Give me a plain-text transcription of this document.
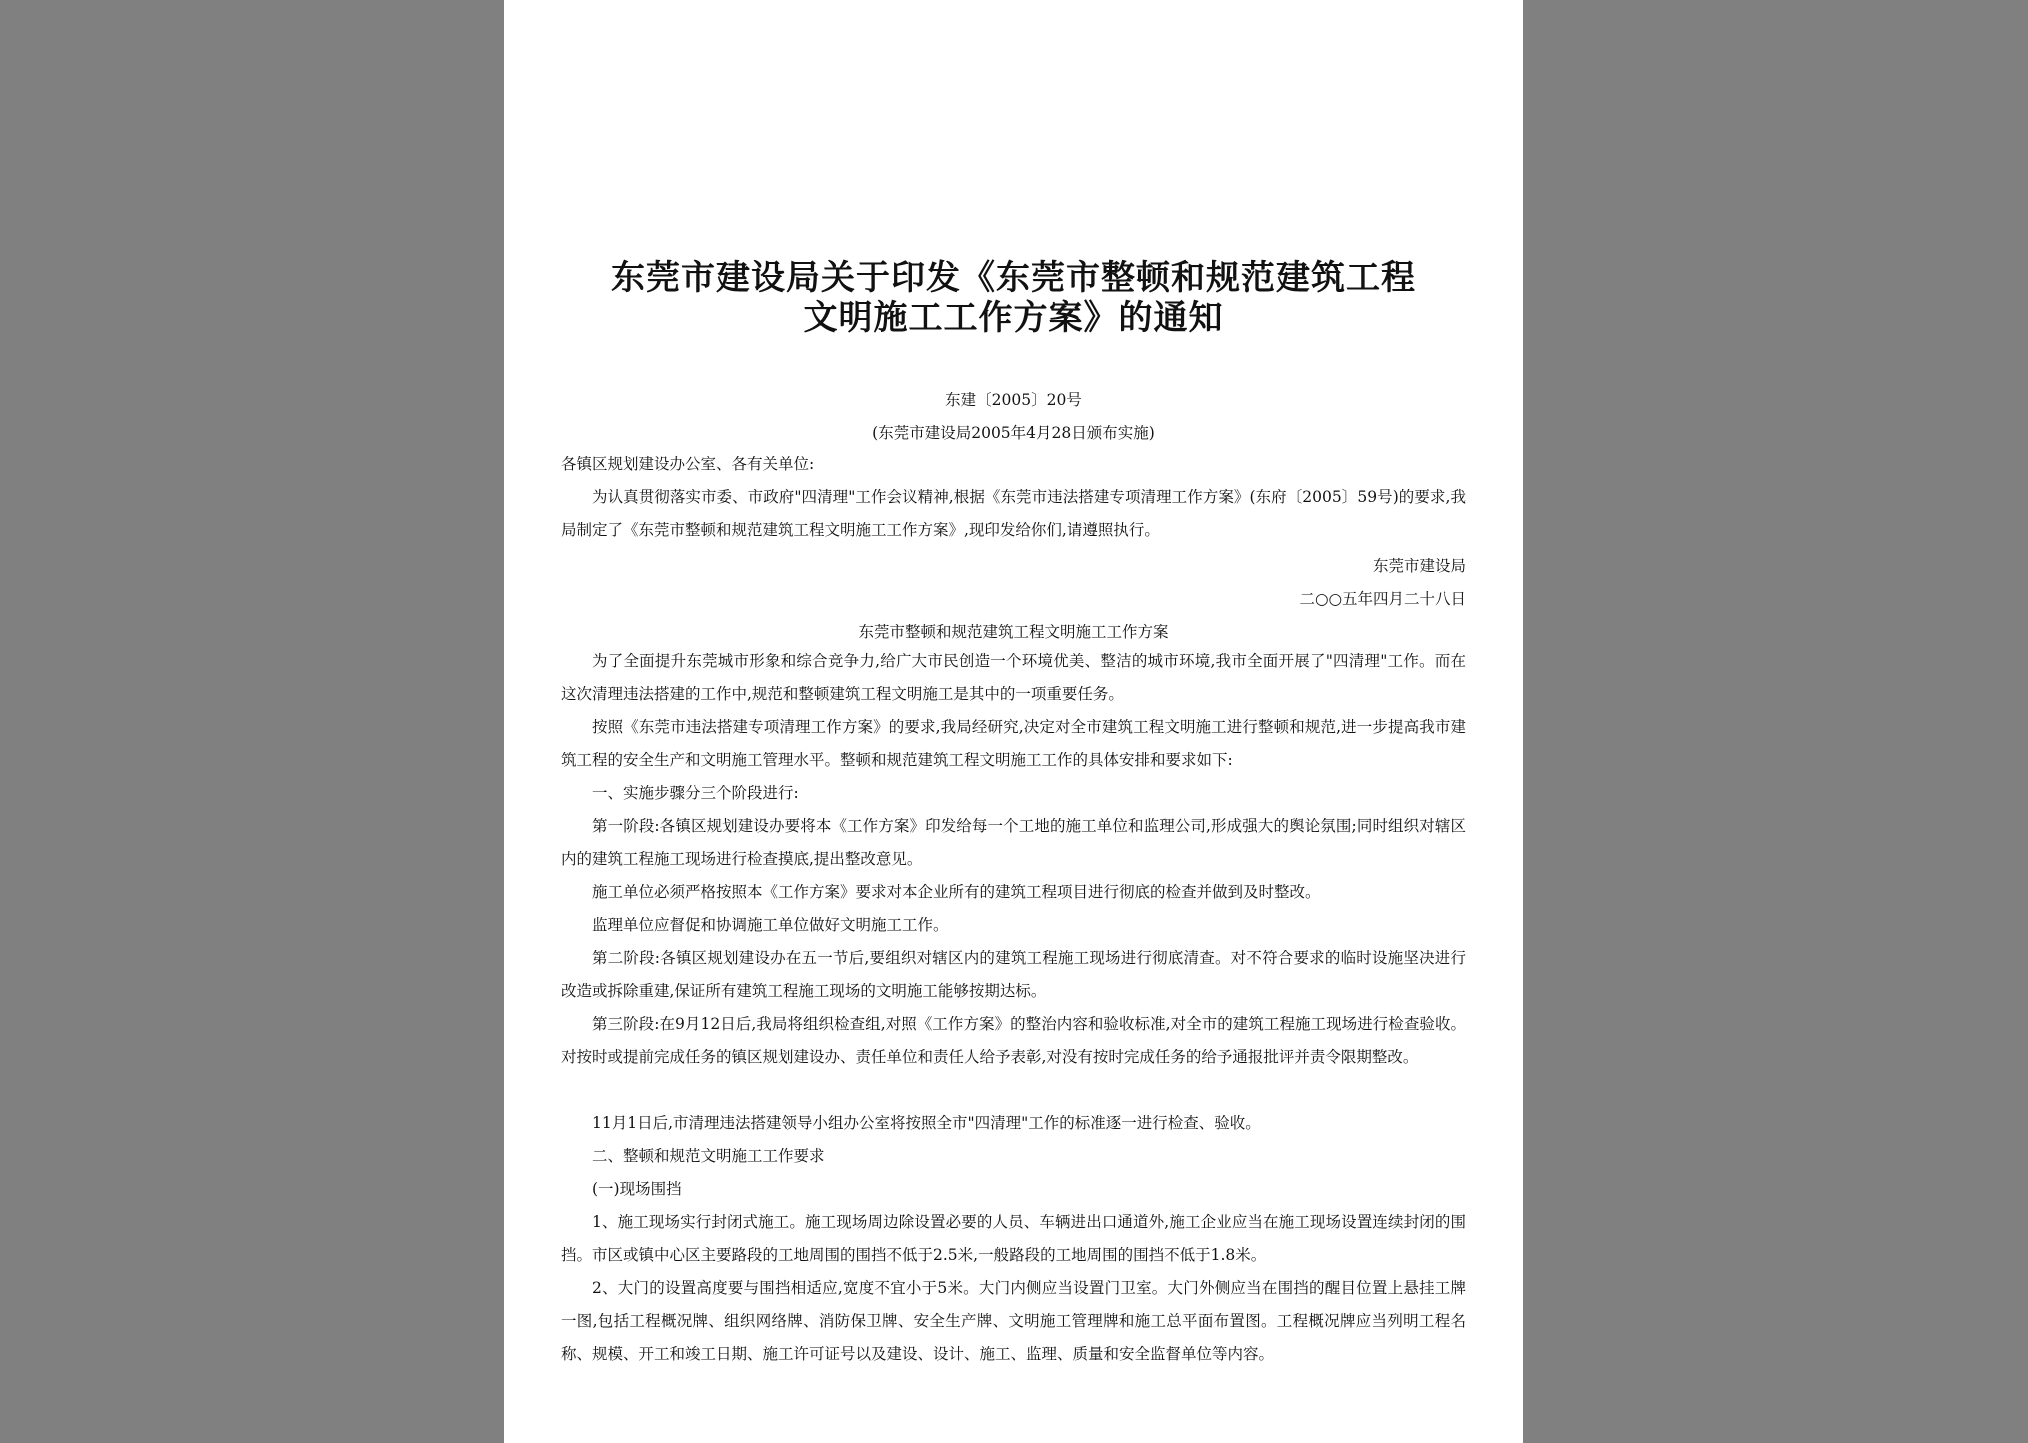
东莞市建设局关于印发《东莞市整顿和规范建筑工程
文明施工工作方案》的通知
东建〔2005〕20号
(东莞市建设局2005年4月28日颁布实施)
各镇区规划建设办公室、各有关单位:
为认真贯彻落实市委、市政府"四清理"工作会议精神,根据《东莞市违法搭建专项清理工作方案》(东府〔2005〕59号)的要求,我局制定了《东莞市整顿和规范建筑工程文明施工工作方案》,现印发给你们,请遵照执行。
东莞市建设局
二○○五年四月二十八日
东莞市整顿和规范建筑工程文明施工工作方案
为了全面提升东莞城市形象和综合竞争力,给广大市民创造一个环境优美、整洁的城市环境,我市全面开展了"四清理"工作。而在这次清理违法搭建的工作中,规范和整顿建筑工程文明施工是其中的一项重要任务。
按照《东莞市违法搭建专项清理工作方案》的要求,我局经研究,决定对全市建筑工程文明施工进行整顿和规范,进一步提高我市建筑工程的安全生产和文明施工管理水平。整顿和规范建筑工程文明施工工作的具体安排和要求如下:
一、实施步骤分三个阶段进行:
第一阶段:各镇区规划建设办要将本《工作方案》印发给每一个工地的施工单位和监理公司,形成强大的舆论氛围;同时组织对辖区内的建筑工程施工现场进行检查摸底,提出整改意见。
施工单位必须严格按照本《工作方案》要求对本企业所有的建筑工程项目进行彻底的检查并做到及时整改。
监理单位应督促和协调施工单位做好文明施工工作。
第二阶段:各镇区规划建设办在五一节后,要组织对辖区内的建筑工程施工现场进行彻底清查。对不符合要求的临时设施坚决进行改造或拆除重建,保证所有建筑工程施工现场的文明施工能够按期达标。
第三阶段:在9月12日后,我局将组织检查组,对照《工作方案》的整治内容和验收标准,对全市的建筑工程施工现场进行检查验收。对按时或提前完成任务的镇区规划建设办、责任单位和责任人给予表彰,对没有按时完成任务的给予通报批评并责令限期整改。
11月1日后,市清理违法搭建领导小组办公室将按照全市"四清理"工作的标准逐一进行检查、验收。
二、整顿和规范文明施工工作要求
(一)现场围挡
1、施工现场实行封闭式施工。施工现场周边除设置必要的人员、车辆进出口通道外,施工企业应当在施工现场设置连续封闭的围挡。市区或镇中心区主要路段的工地周围的围挡不低于2.5米,一般路段的工地周围的围挡不低于1.8米。
2、大门的设置高度要与围挡相适应,宽度不宜小于5米。大门内侧应当设置门卫室。大门外侧应当在围挡的醒目位置上悬挂工牌一图,包括工程概况牌、组织网络牌、消防保卫牌、安全生产牌、文明施工管理牌和施工总平面布置图。工程概况牌应当列明工程名称、规模、开工和竣工日期、施工许可证号以及建设、设计、施工、监理、质量和安全监督单位等内容。
